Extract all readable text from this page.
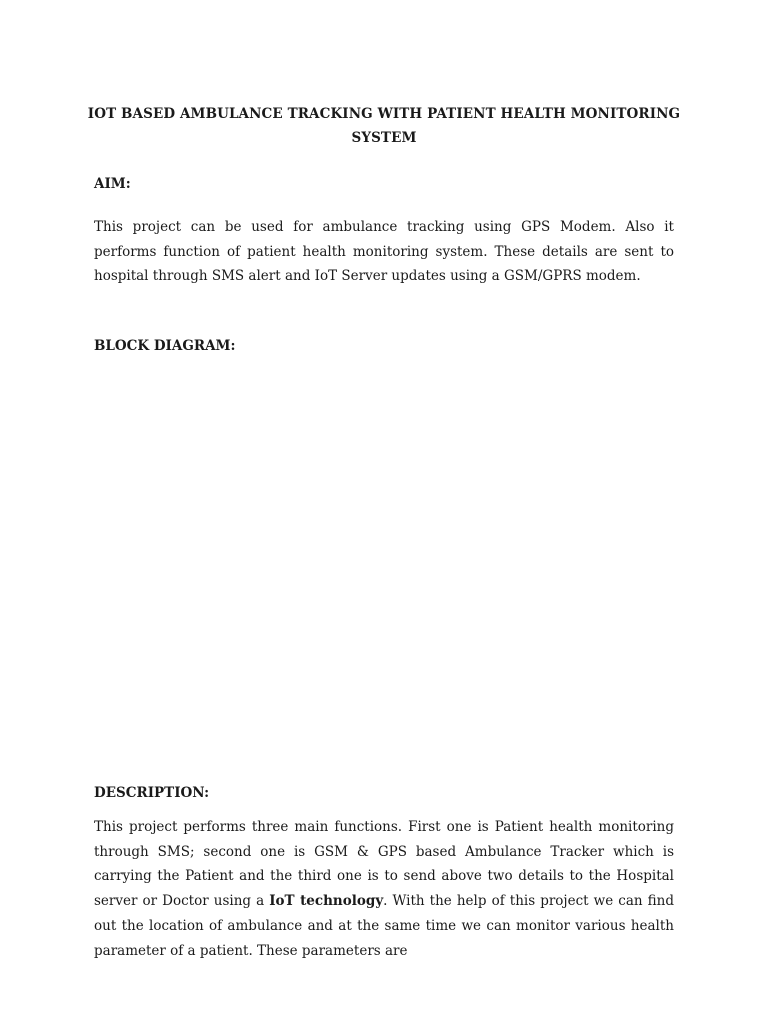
IOT BASED AMBULANCE TRACKING WITH PATIENT HEALTH MONITORING SYSTEM
AIM:
This project can be used for ambulance tracking using GPS Modem. Also it performs function of patient health monitoring system. These details are sent to hospital through SMS alert and IoT Server updates using a GSM/GPRS modem.
BLOCK DIAGRAM:
DESCRIPTION:
This project performs three main functions. First one is Patient health monitoring through SMS; second one is GSM & GPS based Ambulance Tracker which is carrying the Patient and the third one is to send above two details to the Hospital server or Doctor using a IoT technology. With the help of this project we can find out the location of ambulance and at the same time we can monitor various health parameter of a patient. These parameters are
